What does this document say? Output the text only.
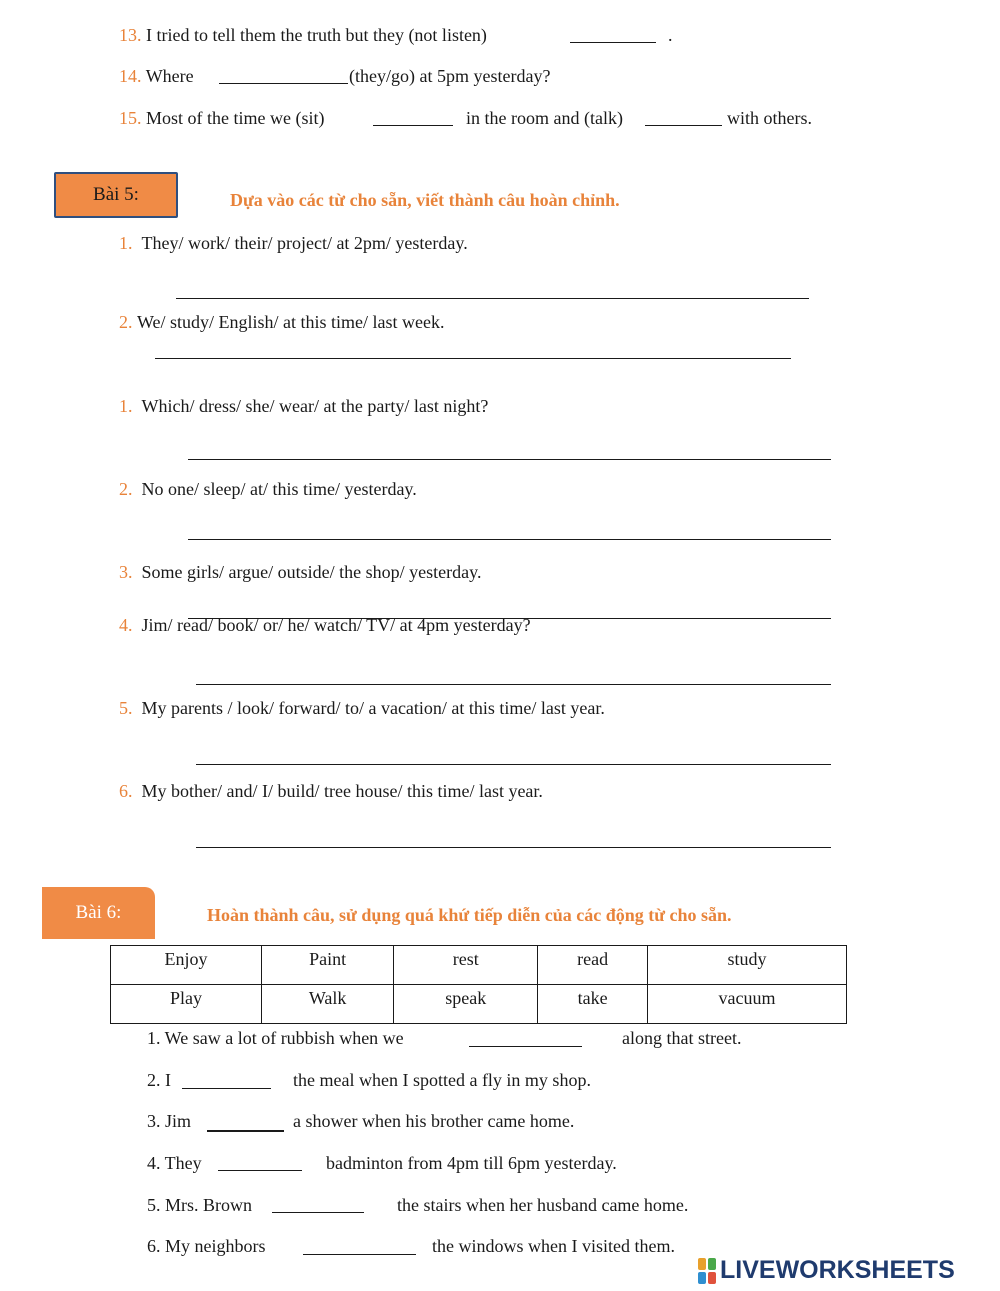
13. I tried to tell them the truth but they (not listen)	.
14. Where	(they/go) at 5pm yesterday?
15. Most of the time we (sit)	in the room and (talk)	with others.
Bài 5:	Dựa vào các từ cho sẵn, viết thành câu hoàn chỉnh.
1. They/ work/ their/ project/ at 2pm/ yesterday.
2. We/ study/ English/ at this time/ last week.
1. Which/ dress/ she/ wear/ at the party/ last night?
2. No one/ sleep/ at/ this time/ yesterday.
3. Some girls/ argue/ outside/ the shop/ yesterday.
4. Jim/ read/ book/ or/ he/ watch/ TV/ at 4pm yesterday?
5. My parents / look/ forward/ to/ a vacation/ at this time/ last year.
6. My bother/ and/ I/ build/ tree house/ this time/ last year.
Bài 6:	Hoàn thành câu, sử dụng quá khứ tiếp diễn của các động từ cho sẵn.
Enjoy	Paint	rest	read	study
Play	Walk	speak	take	vacuum
1. We saw a lot of rubbish when we	along that street.
2. I	the meal when I spotted a fly in my shop.
3. Jim	a shower when his brother came home.
4. They	badminton from 4pm till 6pm yesterday.
5. Mrs. Brown	the stairs when her husband came home.
6. My neighbors	the windows when I visited them.
LIVEWORKSHEETS
